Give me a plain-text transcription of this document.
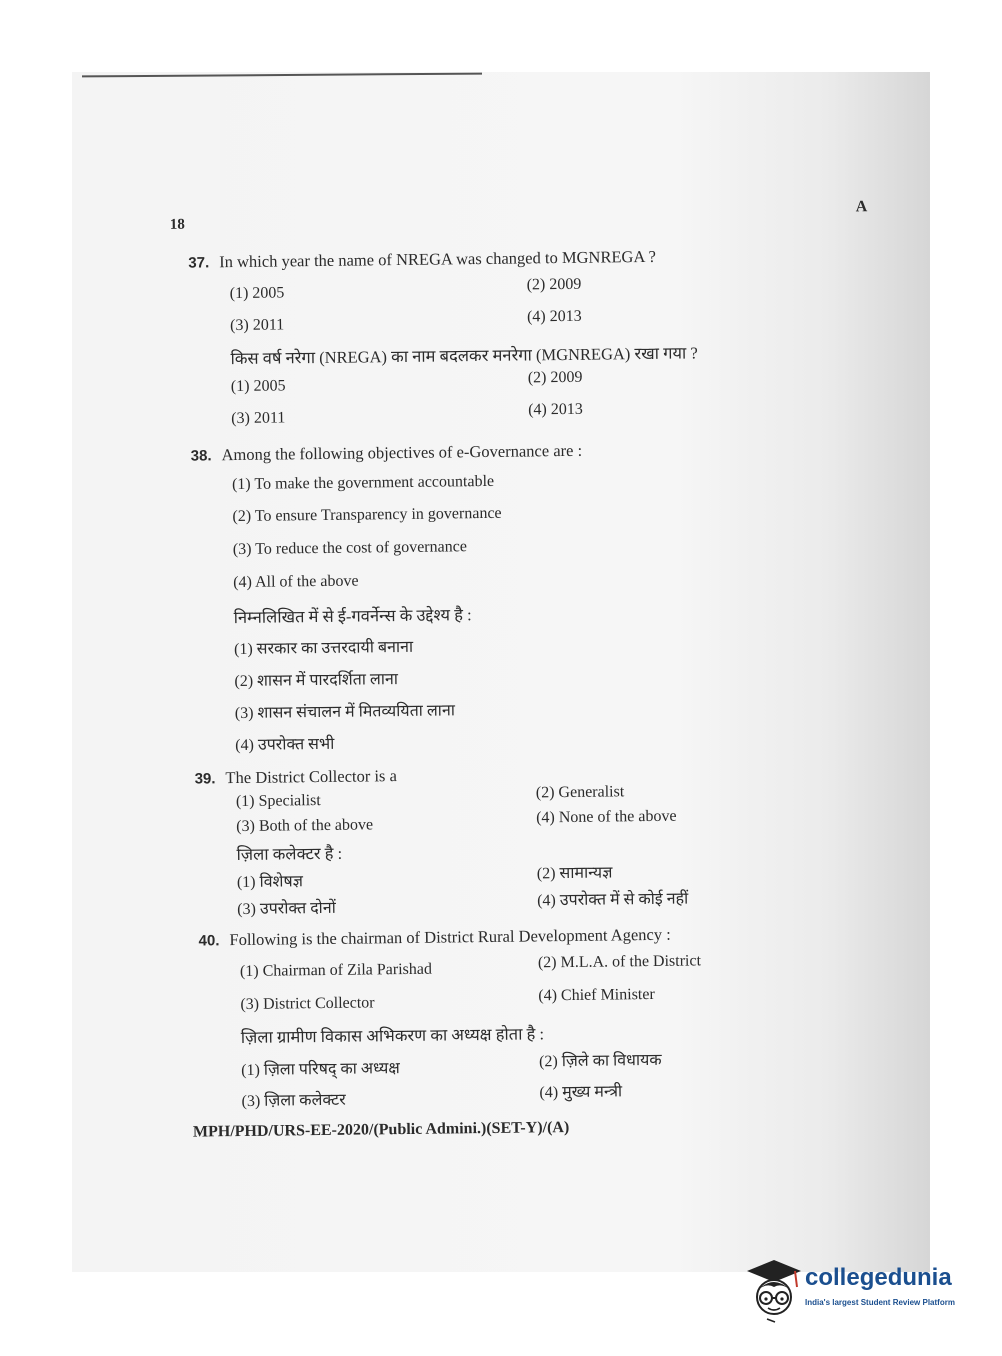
18
A
37. In which year the name of NREGA was changed to MGNREGA ?
(1) 2005	(2) 2009
(3) 2011	(4) 2013
किस वर्ष नरेगा (NREGA) का नाम बदलकर मनरेगा (MGNREGA) रखा गया ?
(1) 2005	(2) 2009
(3) 2011	(4) 2013
38. Among the following objectives of e-Governance are :
(1) To make the government accountable
(2) To ensure Transparency in governance
(3) To reduce the cost of governance
(4) All of the above
निम्नलिखित में से ई-गवर्नेन्स के उद्देश्य है :
(1) सरकार का उत्तरदायी बनाना
(2) शासन में पारदर्शिता लाना
(3) शासन संचालन में मितव्ययिता लाना
(4) उपरोक्त सभी
39. The District Collector is a
(1) Specialist	(2) Generalist
(3) Both of the above	(4) None of the above
ज़िला कलेक्टर है :
(1) विशेषज्ञ	(2) सामान्यज्ञ
(3) उपरोक्त दोनों	(4) उपरोक्त में से कोई नहीं
40. Following is the chairman of District Rural Development Agency :
(1) Chairman of Zila Parishad	(2) M.L.A. of the District
(3) District Collector	(4) Chief Minister
ज़िला ग्रामीण विकास अभिकरण का अध्यक्ष होता है :
(1) ज़िला परिषद् का अध्यक्ष	(2) ज़िले का विधायक
(3) ज़िला कलेक्टर	(4) मुख्य मन्त्री
MPH/PHD/URS-EE-2020/(Public Admini.)(SET-Y)/(A)
collegedunia
India's largest Student Review Platform
